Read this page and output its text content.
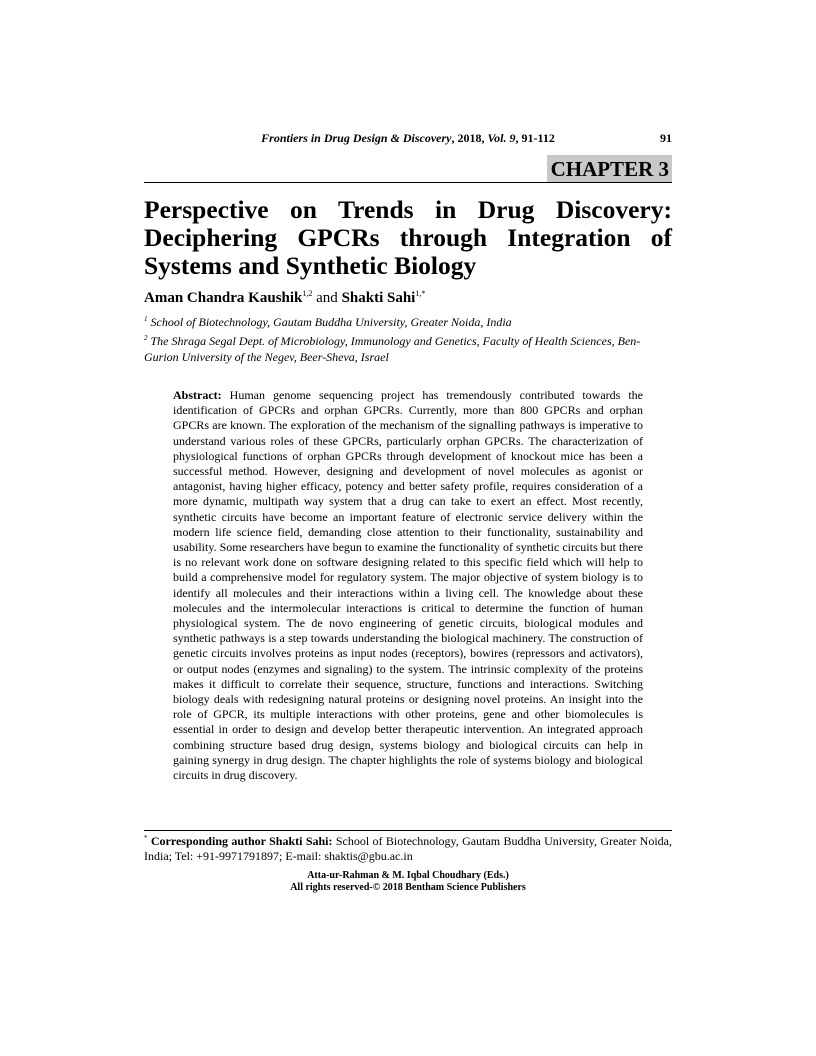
Frontiers in Drug Design & Discovery, 2018, Vol. 9, 91-112	91
CHAPTER 3
Perspective on Trends in Drug Discovery: Deciphering GPCRs through Integration of Systems and Synthetic Biology
Aman Chandra Kaushik$^{1,2}$ and Shakti Sahi$^{1,*}$
$^1$ School of Biotechnology, Gautam Buddha University, Greater Noida, India
$^2$ The Shraga Segal Dept. of Microbiology, Immunology and Genetics, Faculty of Health Sciences, Ben-Gurion University of the Negev, Beer-Sheva, Israel

Abstract: Human genome sequencing project has tremendously contributed towards the identification of GPCRs and orphan GPCRs. Currently, more than 800 GPCRs and orphan GPCRs are known. The exploration of the mechanism of the signalling pathways is imperative to understand various roles of these GPCRs, particularly orphan GPCRs. The characterization of physiological functions of orphan GPCRs through development of knockout mice has been a successful method. However, designing and development of novel molecules as agonist or antagonist, having higher efficacy, potency and better safety profile, requires consideration of a more dynamic, multipath way system that a drug can take to exert an effect. Most recently, synthetic circuits have become an important feature of electronic service delivery within the modern life science field, demanding close attention to their functionality, sustainability and usability. Some researchers have begun to examine the functionality of synthetic circuits but there is no relevant work done on software designing related to this specific field which will help to build a comprehensive model for regulatory system. The major objective of system biology is to identify all molecules and their interactions within a living cell. The knowledge about these molecules and the intermolecular interactions is critical to determine the function of human physiological system. The de novo engineering of genetic circuits, biological modules and synthetic pathways is a step towards understanding the biological machinery. The construction of genetic circuits involves proteins as input nodes (receptors), bowires (repressors and activators), or output nodes (enzymes and signaling) to the system. The intrinsic complexity of the proteins makes it difficult to correlate their sequence, structure, functions and interactions. Switching biology deals with redesigning natural proteins or designing novel proteins. An insight into the role of GPCR, its multiple interactions with other proteins, gene and other biomolecules is essential in order to design and develop better therapeutic intervention. An integrated approach combining structure based drug design, systems biology and biological circuits can help in gaining synergy in drug design. The chapter highlights the role of systems biology and biological circuits in drug discovery.

* Corresponding author Shakti Sahi: School of Biotechnology, Gautam Buddha University, Greater Noida, India; Tel: +91-9971791897; E-mail: shaktis@gbu.ac.in
Atta-ur-Rahman & M. Iqbal Choudhary (Eds.)
All rights reserved-© 2018 Bentham Science Publishers
